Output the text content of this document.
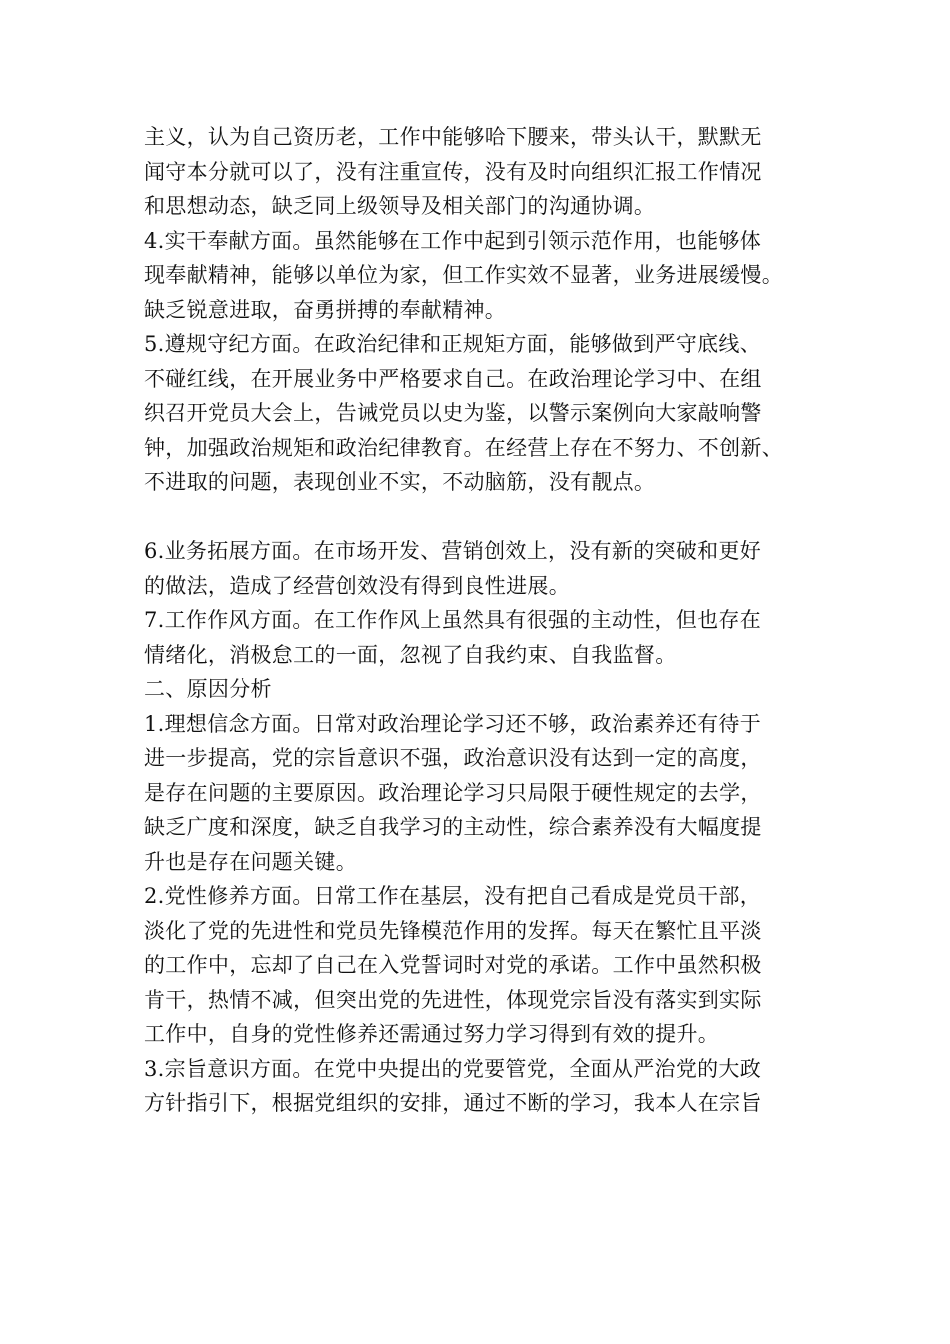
主义，认为自己资历老，工作中能够哈下腰来，带头认干，默默无
闻守本分就可以了，没有注重宣传，没有及时向组织汇报工作情况
和思想动态，缺乏同上级领导及相关部门的沟通协调。
4.实干奉献方面。虽然能够在工作中起到引领示范作用，也能够体
现奉献精神，能够以单位为家，但工作实效不显著，业务进展缓慢。
缺乏锐意进取，奋勇拼搏的奉献精神。
5.遵规守纪方面。在政治纪律和正规矩方面，能够做到严守底线、
不碰红线，在开展业务中严格要求自己。在政治理论学习中、在组
织召开党员大会上，告诫党员以史为鉴，以警示案例向大家敲响警
钟，加强政治规矩和政治纪律教育。在经营上存在不努力、不创新、
不进取的问题，表现创业不实，不动脑筋，没有靓点。
6.业务拓展方面。在市场开发、营销创效上，没有新的突破和更好
的做法，造成了经营创效没有得到良性进展。
7.工作作风方面。在工作作风上虽然具有很强的主动性，但也存在
情绪化，消极怠工的一面，忽视了自我约束、自我监督。
二、原因分析
1.理想信念方面。日常对政治理论学习还不够，政治素养还有待于
进一步提高，党的宗旨意识不强，政治意识没有达到一定的高度，
是存在问题的主要原因。政治理论学习只局限于硬性规定的去学，
缺乏广度和深度，缺乏自我学习的主动性，综合素养没有大幅度提
升也是存在问题关键。
2.党性修养方面。日常工作在基层，没有把自己看成是党员干部，
淡化了党的先进性和党员先锋模范作用的发挥。每天在繁忙且平淡
的工作中，忘却了自己在入党誓词时对党的承诺。工作中虽然积极
肯干，热情不减，但突出党的先进性，体现党宗旨没有落实到实际
工作中，自身的党性修养还需通过努力学习得到有效的提升。
3.宗旨意识方面。在党中央提出的党要管党，全面从严治党的大政
方针指引下，根据党组织的安排，通过不断的学习，我本人在宗旨
